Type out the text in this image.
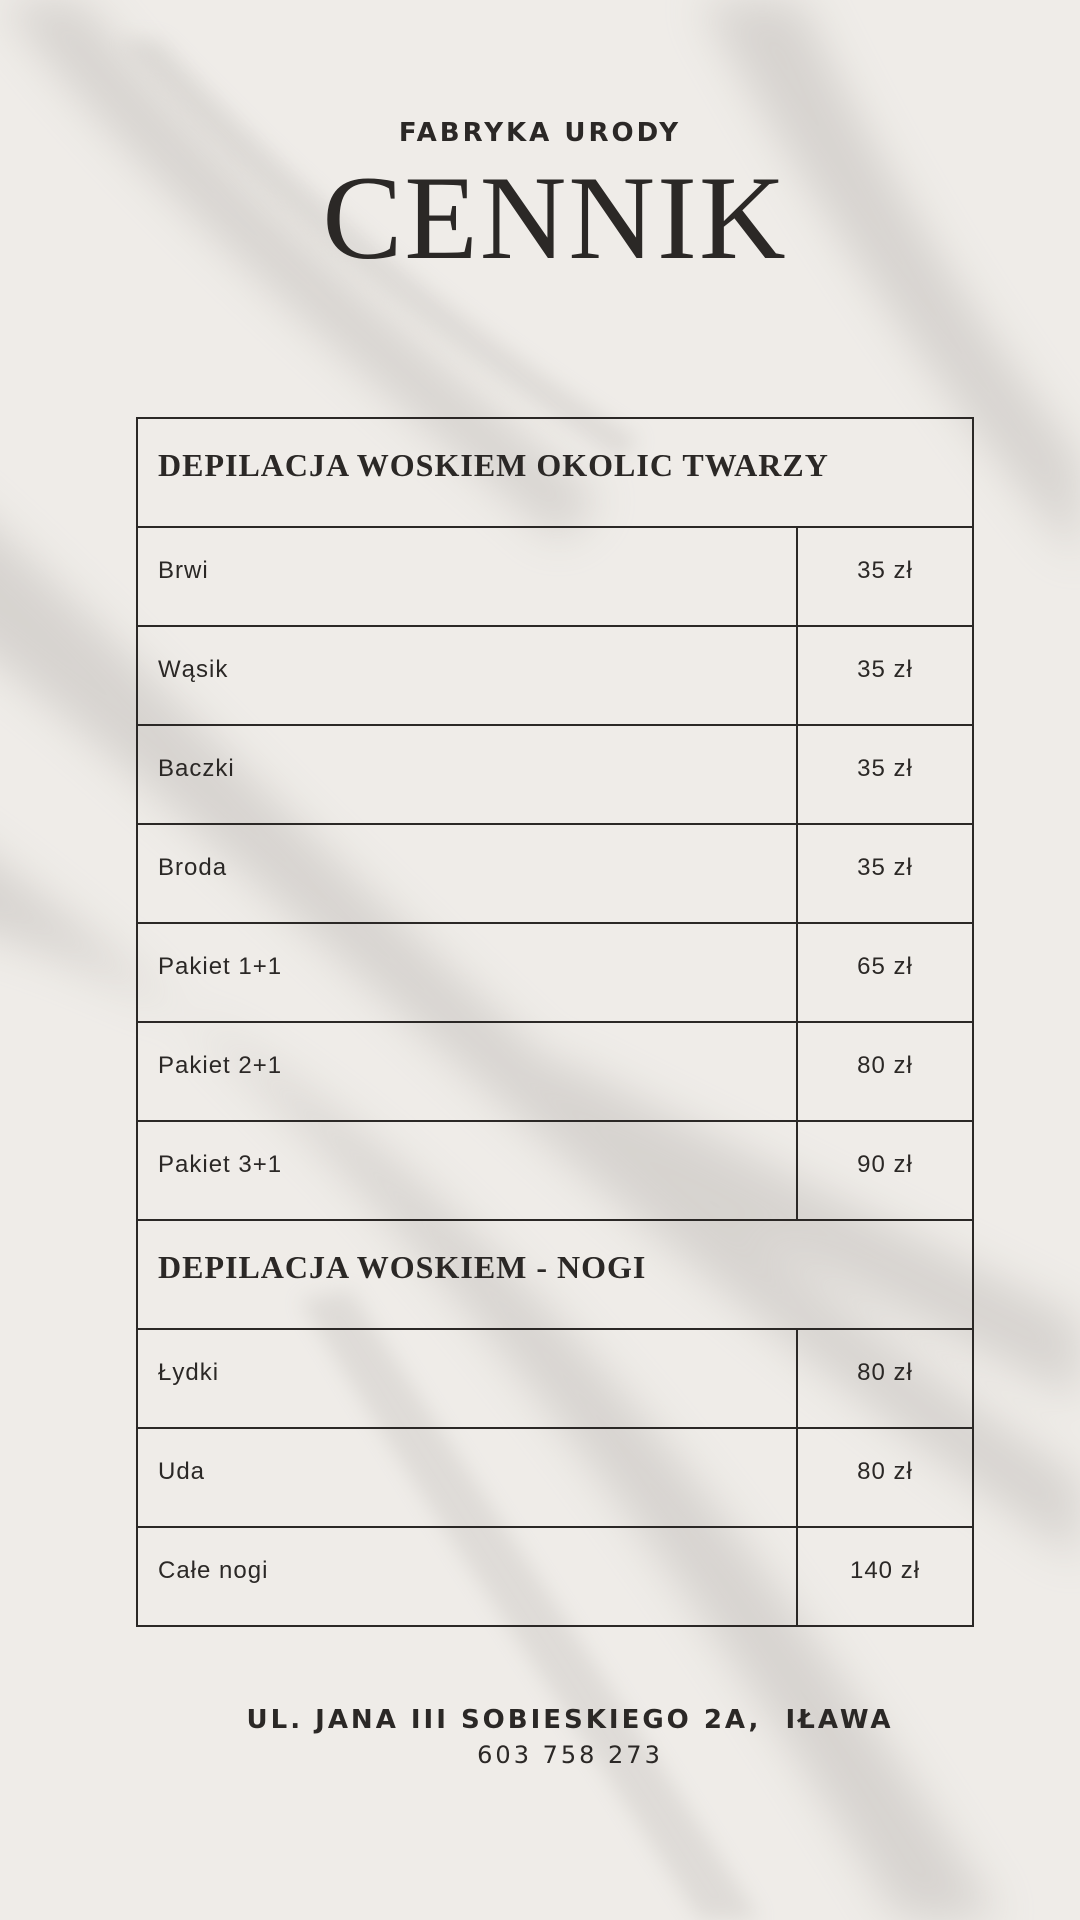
FABRYKA URODY
CENNIK
DEPILACJA WOSKIEM OKOLIC TWARZY	
Brwi	35 zł
Wąsik	35 zł
Baczki	35 zł
Broda	35 zł
Pakiet 1+1	65 zł
Pakiet 2+1	80 zł
Pakiet 3+1	90 zł
DEPILACJA WOSKIEM - NOGI	
Łydki	80 zł
Uda	80 zł
Całe nogi	140 zł
UL. JANA III SOBIESKIEGO 2A,  IŁAWA
603 758 273
